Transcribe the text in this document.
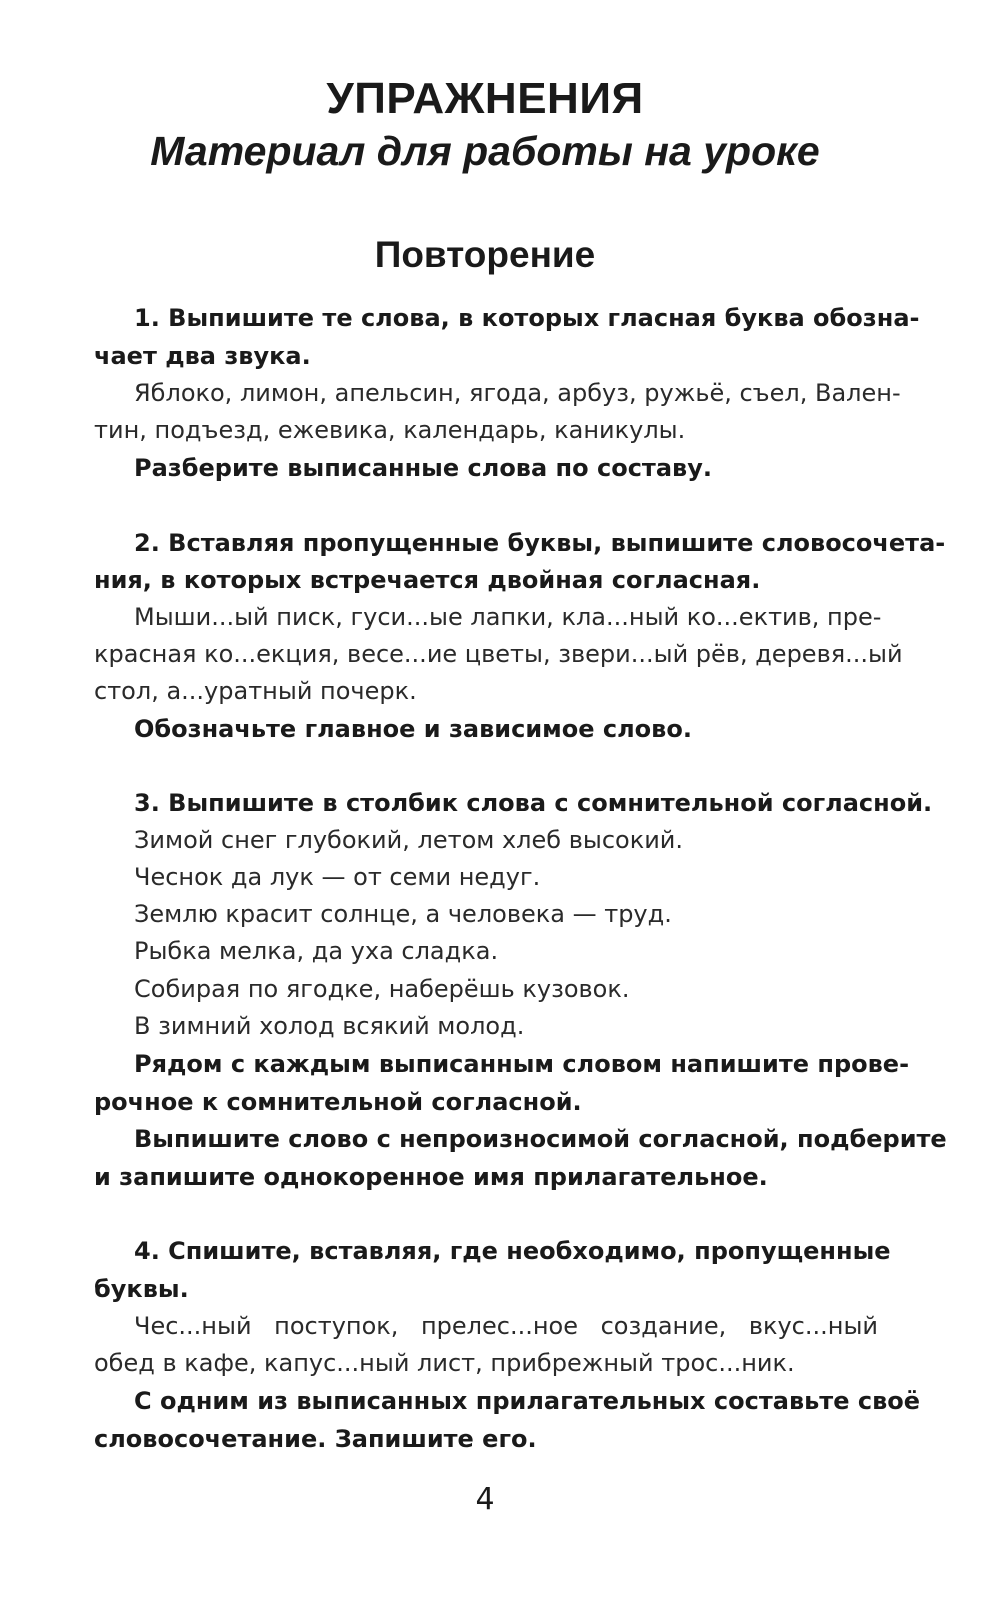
УПРАЖНЕНИЯ
Материал для работы на уроке
Повторение
1. Выпишите те слова, в которых гласная буква обозна-
чает два звука.
Яблоко, лимон, апельсин, ягода, арбуз, ружьё, съел, Вален-
тин, подъезд, ежевика, календарь, каникулы.
Разберите выписанные слова по составу.
2. Вставляя пропущенные буквы, выпишите словосочета-
ния, в которых встречается двойная согласная.
Мыши...ый писк, гуси...ые лапки, кла...ный ко...ектив, пре-
красная ко...екция, весе...ие цветы, звери...ый рёв, деревя...ый
стол, а...уратный почерк.
Обозначьте главное и зависимое слово.
3. Выпишите в столбик слова с сомнительной согласной.
Зимой снег глубокий, летом хлеб высокий.
Чеснок да лук — от семи недуг.
Землю красит солнце, а человека — труд.
Рыбка мелка, да уха сладка.
Собирая по ягодке, наберёшь кузовок.
В зимний холод всякий молод.
Рядом с каждым выписанным словом напишите прове-
рочное к сомнительной согласной.
Выпишите слово с непроизносимой согласной, подберите
и запишите однокоренное имя прилагательное.
4. Спишите, вставляя, где необходимо, пропущенные
буквы.
Чес...ный поступок, прелес...ное создание, вкус...ный
обед в кафе, капус...ный лист, прибрежный трос...ник.
С одним из выписанных прилагательных составьте своё
словосочетание. Запишите его.
4
